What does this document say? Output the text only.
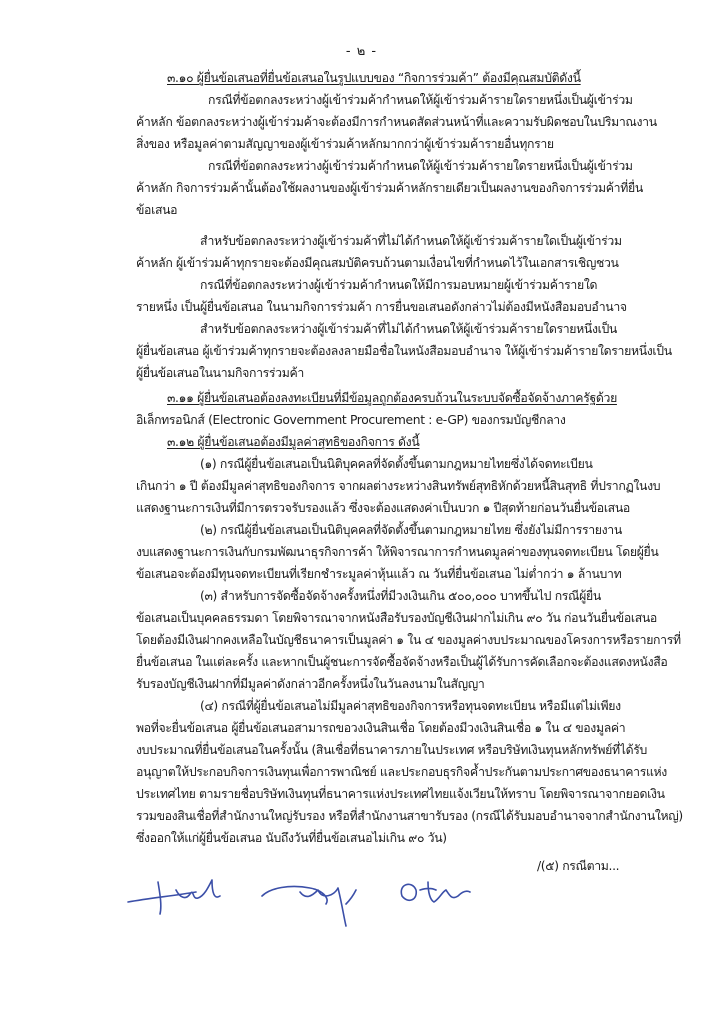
- ๒ -
๓.๑๐ ผู้ยื่นข้อเสนอที่ยื่นข้อเสนอในรูปแบบของ “กิจการร่วมค้า” ต้องมีคุณสมบัติดังนี้
กรณีที่ข้อตกลงระหว่างผู้เข้าร่วมค้ากำหนดให้ผู้เข้าร่วมค้ารายใดรายหนึ่งเป็นผู้เข้าร่วม
ค้าหลัก ข้อตกลงระหว่างผู้เข้าร่วมค้าจะต้องมีการกำหนดสัดส่วนหน้าที่และความรับผิดชอบในปริมาณงาน
สิ่งของ หรือมูลค่าตามสัญญาของผู้เข้าร่วมค้าหลักมากกว่าผู้เข้าร่วมค้ารายอื่นทุกราย
กรณีที่ข้อตกลงระหว่างผู้เข้าร่วมค้ากำหนดให้ผู้เข้าร่วมค้ารายใดรายหนึ่งเป็นผู้เข้าร่วม
ค้าหลัก กิจการร่วมค้านั้นต้องใช้ผลงานของผู้เข้าร่วมค้าหลักรายเดียวเป็นผลงานของกิจการร่วมค้าที่ยื่น
ข้อเสนอ
สำหรับข้อตกลงระหว่างผู้เข้าร่วมค้าที่ไม่ได้กำหนดให้ผู้เข้าร่วมค้ารายใดเป็นผู้เข้าร่วม
ค้าหลัก ผู้เข้าร่วมค้าทุกรายจะต้องมีคุณสมบัติครบถ้วนตามเงื่อนไขที่กำหนดไว้ในเอกสารเชิญชวน
กรณีที่ข้อตกลงระหว่างผู้เข้าร่วมค้ากำหนดให้มีการมอบหมายผู้เข้าร่วมค้ารายใด
รายหนึ่ง เป็นผู้ยื่นข้อเสนอ ในนามกิจการร่วมค้า การยื่นขอเสนอดังกล่าวไม่ต้องมีหนังสือมอบอำนาจ
สำหรับข้อตกลงระหว่างผู้เข้าร่วมค้าที่ไม่ได้กำหนดให้ผู้เข้าร่วมค้ารายใดรายหนึ่งเป็น
ผู้ยื่นข้อเสนอ ผู้เข้าร่วมค้าทุกรายจะต้องลงลายมือชื่อในหนังสือมอบอำนาจ ให้ผู้เข้าร่วมค้ารายใดรายหนึ่งเป็น
ผู้ยื่นข้อเสนอในนามกิจการร่วมค้า
๓.๑๑ ผู้ยื่นข้อเสนอต้องลงทะเบียนที่มีข้อมูลถูกต้องครบถ้วนในระบบจัดซื้อจัดจ้างภาครัฐด้วย
อิเล็กทรอนิกส์ (Electronic Government Procurement : e-GP) ของกรมบัญชีกลาง
๓.๑๒ ผู้ยื่นข้อเสนอต้องมีมูลค่าสุทธิของกิจการ ดังนี้
(๑) กรณีผู้ยื่นข้อเสนอเป็นนิติบุคคลที่จัดตั้งขึ้นตามกฎหมายไทยซึ่งได้จดทะเบียน
เกินกว่า ๑ ปี ต้องมีมูลค่าสุทธิของกิจการ จากผลต่างระหว่างสินทรัพย์สุทธิหักด้วยหนี้สินสุทธิ ที่ปรากฏในงบ
แสดงฐานะการเงินที่มีการตรวจรับรองแล้ว ซึ่งจะต้องแสดงค่าเป็นบวก ๑ ปีสุดท้ายก่อนวันยื่นข้อเสนอ
(๒) กรณีผู้ยื่นข้อเสนอเป็นนิติบุคคลที่จัดตั้งขึ้นตามกฎหมายไทย ซึ่งยังไม่มีการรายงาน
งบแสดงฐานะการเงินกับกรมพัฒนาธุรกิจการค้า ให้พิจารณาการกำหนดมูลค่าของทุนจดทะเบียน โดยผู้ยื่น
ข้อเสนอจะต้องมีทุนจดทะเบียนที่เรียกชำระมูลค่าหุ้นแล้ว ณ วันที่ยื่นข้อเสนอ ไม่ต่ำกว่า ๑ ล้านบาท
(๓) สำหรับการจัดซื้อจัดจ้างครั้งหนึ่งที่มีวงเงินเกิน ๕๐๐,๐๐๐ บาทขึ้นไป กรณีผู้ยื่น
ข้อเสนอเป็นบุคคลธรรมดา โดยพิจารณาจากหนังสือรับรองบัญชีเงินฝากไม่เกิน ๙๐ วัน ก่อนวันยื่นข้อเสนอ
โดยต้องมีเงินฝากคงเหลือในบัญชีธนาคารเป็นมูลค่า ๑ ใน ๔ ของมูลค่างบประมาณของโครงการหรือรายการที่
ยื่นข้อเสนอ ในแต่ละครั้ง และหากเป็นผู้ชนะการจัดซื้อจัดจ้างหรือเป็นผู้ได้รับการคัดเลือกจะต้องแสดงหนังสือ
รับรองบัญชีเงินฝากที่มีมูลค่าดังกล่าวอีกครั้งหนึ่งในวันลงนามในสัญญา
(๔) กรณีที่ผู้ยื่นข้อเสนอไม่มีมูลค่าสุทธิของกิจการหรือทุนจดทะเบียน หรือมีแต่ไม่เพียง
พอที่จะยื่นข้อเสนอ ผู้ยื่นข้อเสนอสามารถขอวงเงินสินเชื่อ โดยต้องมีวงเงินสินเชื่อ ๑ ใน ๔ ของมูลค่า
งบประมาณที่ยื่นข้อเสนอในครั้งนั้น (สินเชื่อที่ธนาคารภายในประเทศ หรือบริษัทเงินทุนหลักทรัพย์ที่ได้รับ
อนุญาตให้ประกอบกิจการเงินทุนเพื่อการพาณิชย์ และประกอบธุรกิจค้ำประกันตามประกาศของธนาคารแห่ง
ประเทศไทย ตามรายชื่อบริษัทเงินทุนที่ธนาคารแห่งประเทศไทยแจ้งเวียนให้ทราบ โดยพิจารณาจากยอดเงิน
รวมของสินเชื่อที่สำนักงานใหญ่รับรอง หรือที่สำนักงานสาขารับรอง (กรณีได้รับมอบอำนาจจากสำนักงานใหญ่)
ซึ่งออกให้แก่ผู้ยื่นข้อเสนอ นับถึงวันที่ยื่นข้อเสนอไม่เกิน ๙๐ วัน)
/(๕) กรณีตาม...
